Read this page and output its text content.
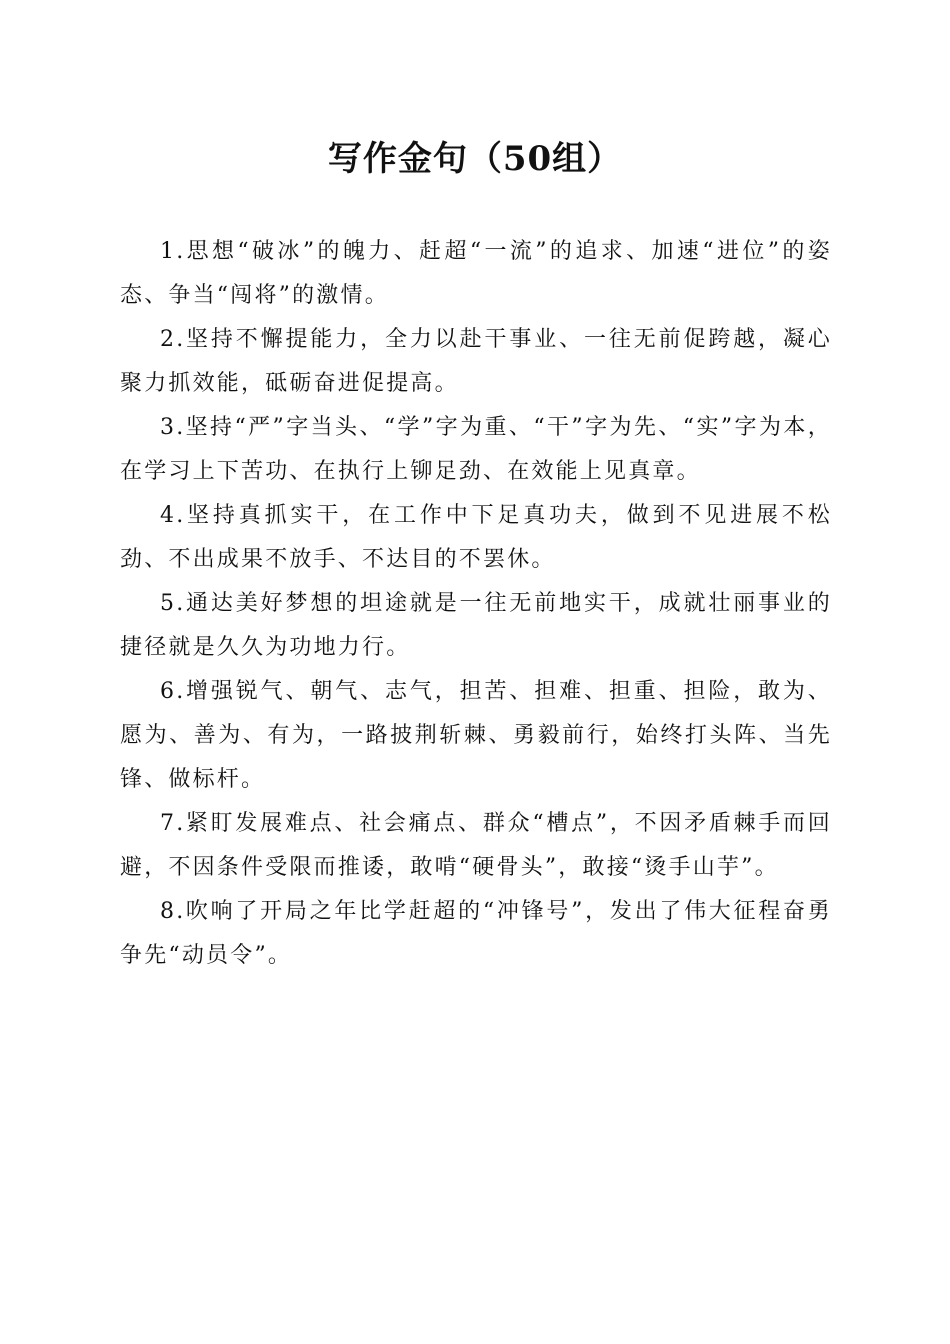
写作金句（50组）

1.思想“破冰”的魄力、赶超“一流”的追求、加速“进位”的姿态、争当“闯将”的激情。

2.坚持不懈提能力，全力以赴干事业、一往无前促跨越，凝心聚力抓效能，砥砺奋进促提高。

3.坚持“严”字当头、“学”字为重、“干”字为先、“实”字为本，在学习上下苦功、在执行上铆足劲、在效能上见真章。

4.坚持真抓实干，在工作中下足真功夫，做到不见进展不松劲、不出成果不放手、不达目的不罢休。

5.通达美好梦想的坦途就是一往无前地实干，成就壮丽事业的捷径就是久久为功地力行。

6.增强锐气、朝气、志气，担苦、担难、担重、担险，敢为、愿为、善为、有为，一路披荆斩棘、勇毅前行，始终打头阵、当先锋、做标杆。

7.紧盯发展难点、社会痛点、群众“槽点”，不因矛盾棘手而回避，不因条件受限而推诿，敢啃“硬骨头”，敢接“烫手山芋”。

8.吹响了开局之年比学赶超的“冲锋号”，发出了伟大征程奋勇争先“动员令”。
